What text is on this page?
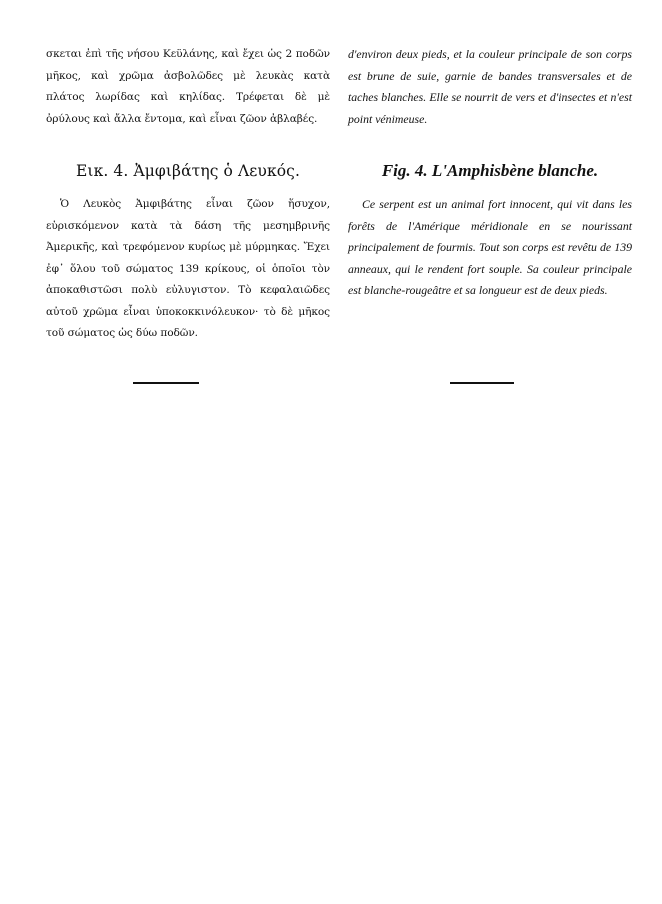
σκεται ἐπὶ τῆς νήσου Κεϋλάνης, καὶ ἔχει ὡς 2 ποδῶν μῆκος, καὶ χρῶμα ἀσβολῶδες μὲ λευκὰς κατὰ πλάτος λωρίδας καὶ κηλίδας. Τρέφεται δὲ μὲ ὀρύλους καὶ ἄλλα ἔντομα, καὶ εἶναι ζῶον ἀβλαβές.

Εικ. 4. Ἀμφιβάτης ὁ Λευκός.

Ὁ Λευκὸς Ἀμφιβάτης εἶναι ζῶον ἥσυχον, εὑρισκόμενον κατὰ τὰ δάση τῆς μεσημβρινῆς Ἀμερικῆς, καὶ τρεφόμενον κυρίως μὲ μύρμηκας. Ἔχει ἐφ᾽ ὅλου τοῦ σώματος 139 κρίκους, οἱ ὁποῖοι τὸν ἀποκαθιστῶσι πολὺ εὐλυγιστον. Τὸ κεφαλαιῶδες αὐτοῦ χρῶμα εἶναι ὑποκοκκινόλευκον· τὸ δὲ μῆκος τοῦ σώματος ὡς δύω ποδῶν.

d'environ deux pieds, et la couleur principale de son corps est brune de suie, garnie de bandes transversales et de taches blanches. Elle se nourrit de vers et d'insectes et n'est point vénimeuse.

Fig. 4. L'Amphisbène blanche.

Ce serpent est un animal fort innocent, qui vit dans les forêts de l'Amérique méridionale en se nourissant principalement de fourmis. Tout son corps est revêtu de 139 anneaux, qui le rendent fort souple. Sa couleur principale est blanche-rougeâtre et sa longueur est de deux pieds.
